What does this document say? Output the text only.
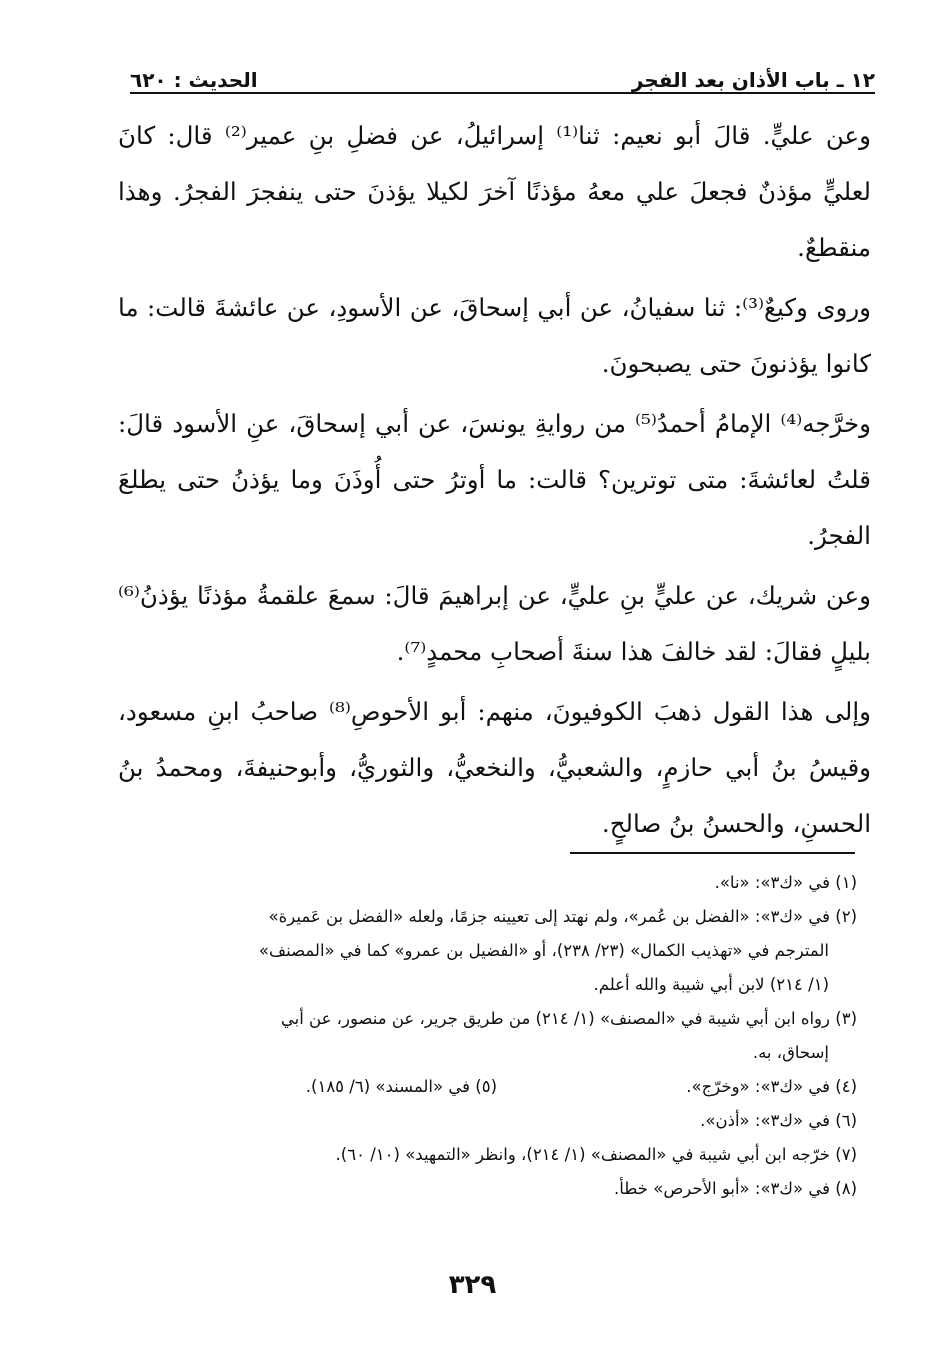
١٢ ـ باب الأذان بعد الفجر
الحديث : ٦٢٠

وعن عليٍّ. قالَ أبو نعيم: ثنا⁽¹⁾ إسرائيلُ، عن فضلِ بنِ عمير⁽²⁾ قال: كانَ لعليٍّ مؤذنٌ فجعلَ علي معهُ مؤذنًا آخرَ لكيلا يؤذنَ حتى ينفجرَ الفجرُ. وهذا منقطعٌ.

وروى وكيعٌ⁽³⁾: ثنا سفيانُ، عن أبي إسحاقَ، عن الأسودِ، عن عائشةَ قالت: ما كانوا يؤذنونَ حتى يصبحونَ.

وخرَّجه⁽⁴⁾ الإمامُ أحمدُ⁽⁵⁾ من روايةِ يونسَ، عن أبي إسحاقَ، عنِ الأسود قالَ: قلتُ لعائشةَ: متى توترين؟ قالت: ما أوترُ حتى أُوذَنَ وما يؤذنُ حتى يطلعَ الفجرُ.

وعن شريك، عن عليٍّ بنِ عليٍّ، عن إبراهيمَ قالَ: سمعَ علقمةُ مؤذنًا يؤذنُ⁽⁶⁾ بليلٍ فقالَ: لقد خالفَ هذا سنةَ أصحابِ محمدٍ⁽⁷⁾.

وإلى هذا القول ذهبَ الكوفيونَ، منهم: أبو الأحوصِ⁽⁸⁾ صاحبُ ابنِ مسعود، وقيسُ بنُ أبي حازمٍ، والشعبيُّ، والنخعيُّ، والثوريُّ، وأبوحنيفةَ، ومحمدُ بنُ الحسنِ، والحسنُ بنُ صالحٍ.

(١) في «ك٣»: «نا».

(٢) في «ك٣»: «الفضل بن عُمر»، ولم نهتد إلى تعيينه جزمًا، ولعله «الفضل بن عَميرة»

المترجم في «تهذيب الكمال» (٢٣/ ٢٣٨)، أو «الفضيل بن عمرو» كما في «المصنف»

(١/ ٢١٤) لابن أبي شيبة والله أعلم.

(٣) رواه ابن أبي شيبة في «المصنف» (١/ ٢١٤) من طريق جرير، عن منصور، عن أبي

إسحاق، به.

(٤) في «ك٣»: «وخرّج».

(٥) في «المسند» (٦/ ١٨٥).

(٦) في «ك٣»: «أذن».

(٧) خرّجه ابن أبي شيبة في «المصنف» (١/ ٢١٤)، وانظر «التمهيد» (١٠/ ٦٠).

(٨) في «ك٣»: «أبو الأحرص» خطأ.

٣٢٩
